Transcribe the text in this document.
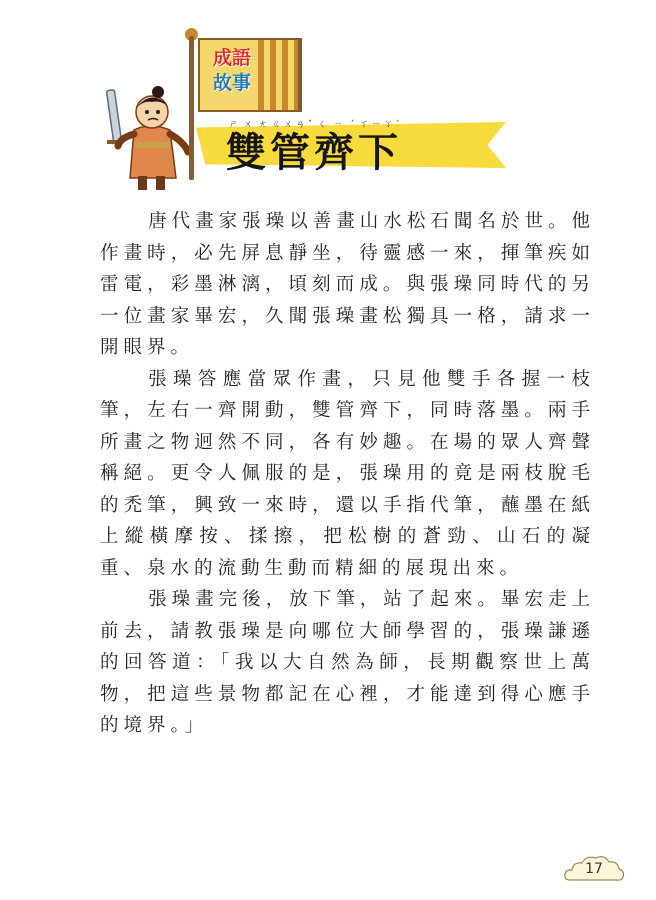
成語
故事
雙ㄕㄨㄤ管ㄍㄨㄢˇ齊ㄑㄧˊ下ㄒㄧㄚˋ

唐代畫家張璪以善畫山水松石聞名於世。他作畫時，必先屏息靜坐，待靈感一來，揮筆疾如雷電，彩墨淋漓，頃刻而成。與張璪同時代的另一位畫家畢宏，久聞張璪畫松獨具一格，請求一開眼界。

張璪答應當眾作畫，只見他雙手各握一枝筆，左右一齊開動，雙管齊下，同時落墨。兩手所畫之物迥然不同，各有妙趣。在場的眾人齊聲稱絕。更令人佩服的是，張璪用的竟是兩枝脫毛的禿筆，興致一來時，還以手指代筆，蘸墨在紙上縱橫摩按、揉擦，把松樹的蒼勁、山石的凝重、泉水的流動生動而精細的展現出來。

張璪畫完後，放下筆，站了起來。畢宏走上前去，請教張璪是向哪位大師學習的，張璪謙遜的回答道：「我以大自然為師，長期觀察世上萬物，把這些景物都記在心裡，才能達到得心應手的境界。」

17
